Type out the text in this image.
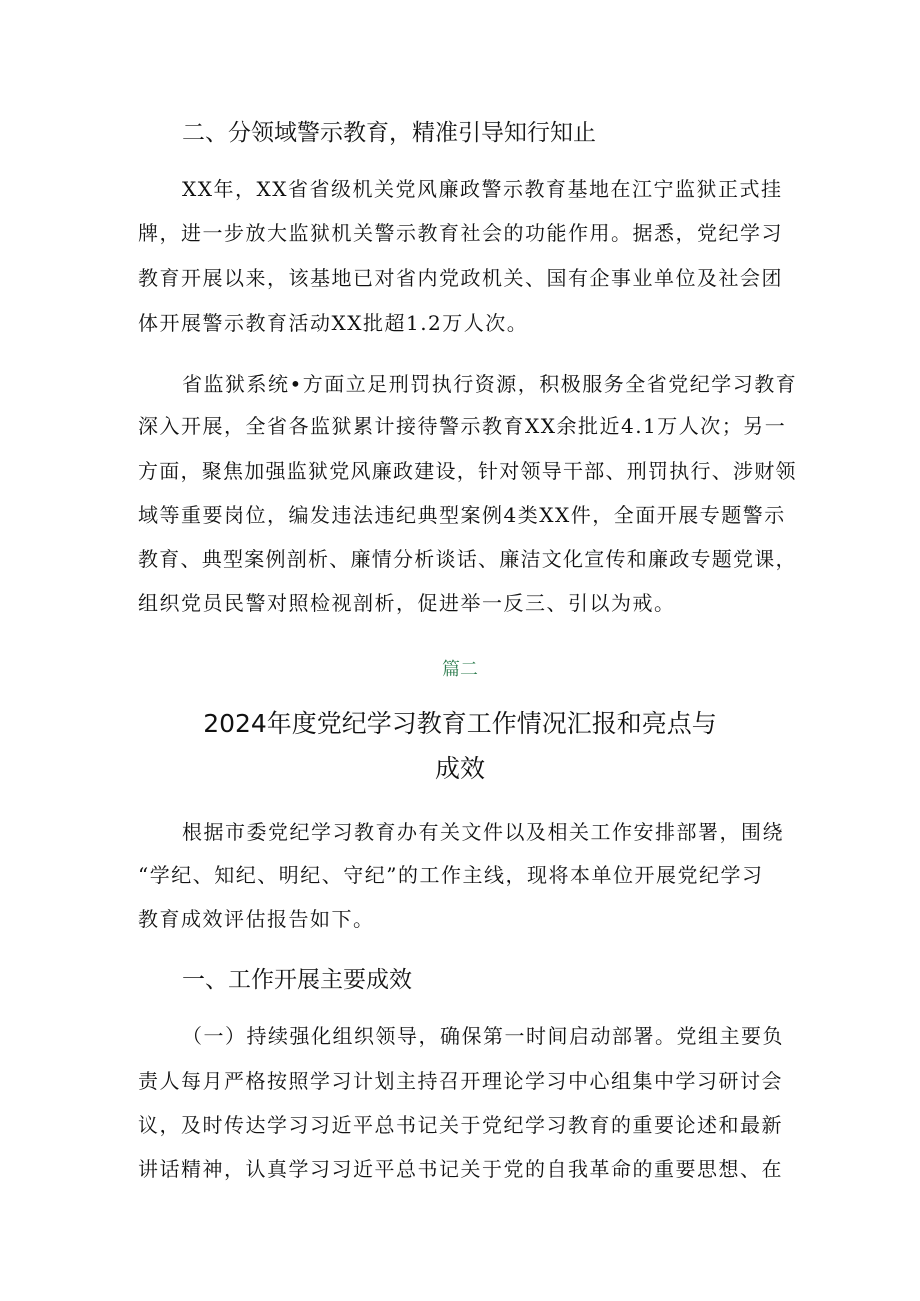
二、分领域警示教育，精准引导知行知止
XX年，XX省省级机关党风廉政警示教育基地在江宁监狱正式挂
牌，进一步放大监狱机关警示教育社会的功能作用。据悉，党纪学习
教育开展以来，该基地已对省内党政机关、国有企事业单位及社会团
体开展警示教育活动XX批超1.2万人次。
省监狱系统•方面立足刑罚执行资源，积极服务全省党纪学习教育
深入开展，全省各监狱累计接待警示教育XX余批近4.1万人次；另一
方面，聚焦加强监狱党风廉政建设，针对领导干部、刑罚执行、涉财领
域等重要岗位，编发违法违纪典型案例4类XX件，全面开展专题警示
教育、典型案例剖析、廉情分析谈话、廉洁文化宣传和廉政专题党课，
组织党员民警对照检视剖析，促进举一反三、引以为戒。
篇二
2024年度党纪学习教育工作情况汇报和亮点与
成效
根据市委党纪学习教育办有关文件以及相关工作安排部署，围绕
“学纪、知纪、明纪、守纪”的工作主线，现将本单位开展党纪学习
教育成效评估报告如下。
一、工作开展主要成效
（一）持续强化组织领导，确保第一时间启动部署。党组主要负
责人每月严格按照学习计划主持召开理论学习中心组集中学习研讨会
议，及时传达学习习近平总书记关于党纪学习教育的重要论述和最新
讲话精神，认真学习习近平总书记关于党的自我革命的重要思想、在
